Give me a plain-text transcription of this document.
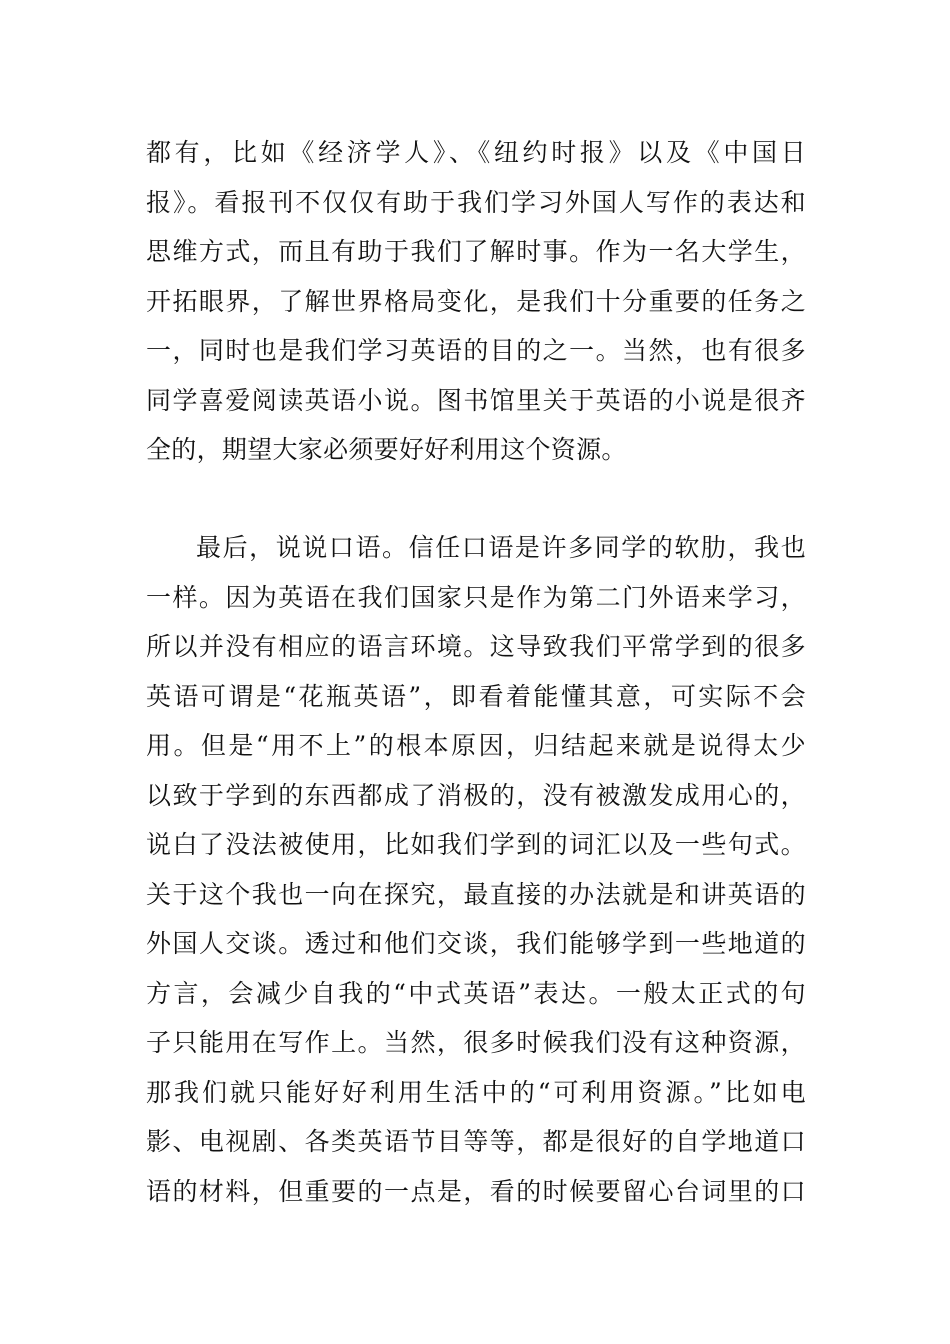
都有，比如《经济学人》、《纽约时报》以及《中国日
报》。看报刊不仅仅有助于我们学习外国人写作的表达和
思维方式，而且有助于我们了解时事。作为一名大学生，
开拓眼界，了解世界格局变化，是我们十分重要的任务之
一，同时也是我们学习英语的目的之一。当然，也有很多
同学喜爱阅读英语小说。图书馆里关于英语的小说是很齐
全的，期望大家必须要好好利用这个资源。
最后，说说口语。信任口语是许多同学的软肋，我也
一样。因为英语在我们国家只是作为第二门外语来学习，
所以并没有相应的语言环境。这导致我们平常学到的很多
英语可谓是“花瓶英语”，即看着能懂其意，可实际不会
用。但是“用不上”的根本原因，归结起来就是说得太少
以致于学到的东西都成了消极的，没有被激发成用心的，
说白了没法被使用，比如我们学到的词汇以及一些句式。
关于这个我也一向在探究，最直接的办法就是和讲英语的
外国人交谈。透过和他们交谈，我们能够学到一些地道的
方言，会减少自我的“中式英语”表达。一般太正式的句
子只能用在写作上。当然，很多时候我们没有这种资源，
那我们就只能好好利用生活中的“可利用资源。”比如电
影、电视剧、各类英语节目等等，都是很好的自学地道口
语的材料，但重要的一点是，看的时候要留心台词里的口
